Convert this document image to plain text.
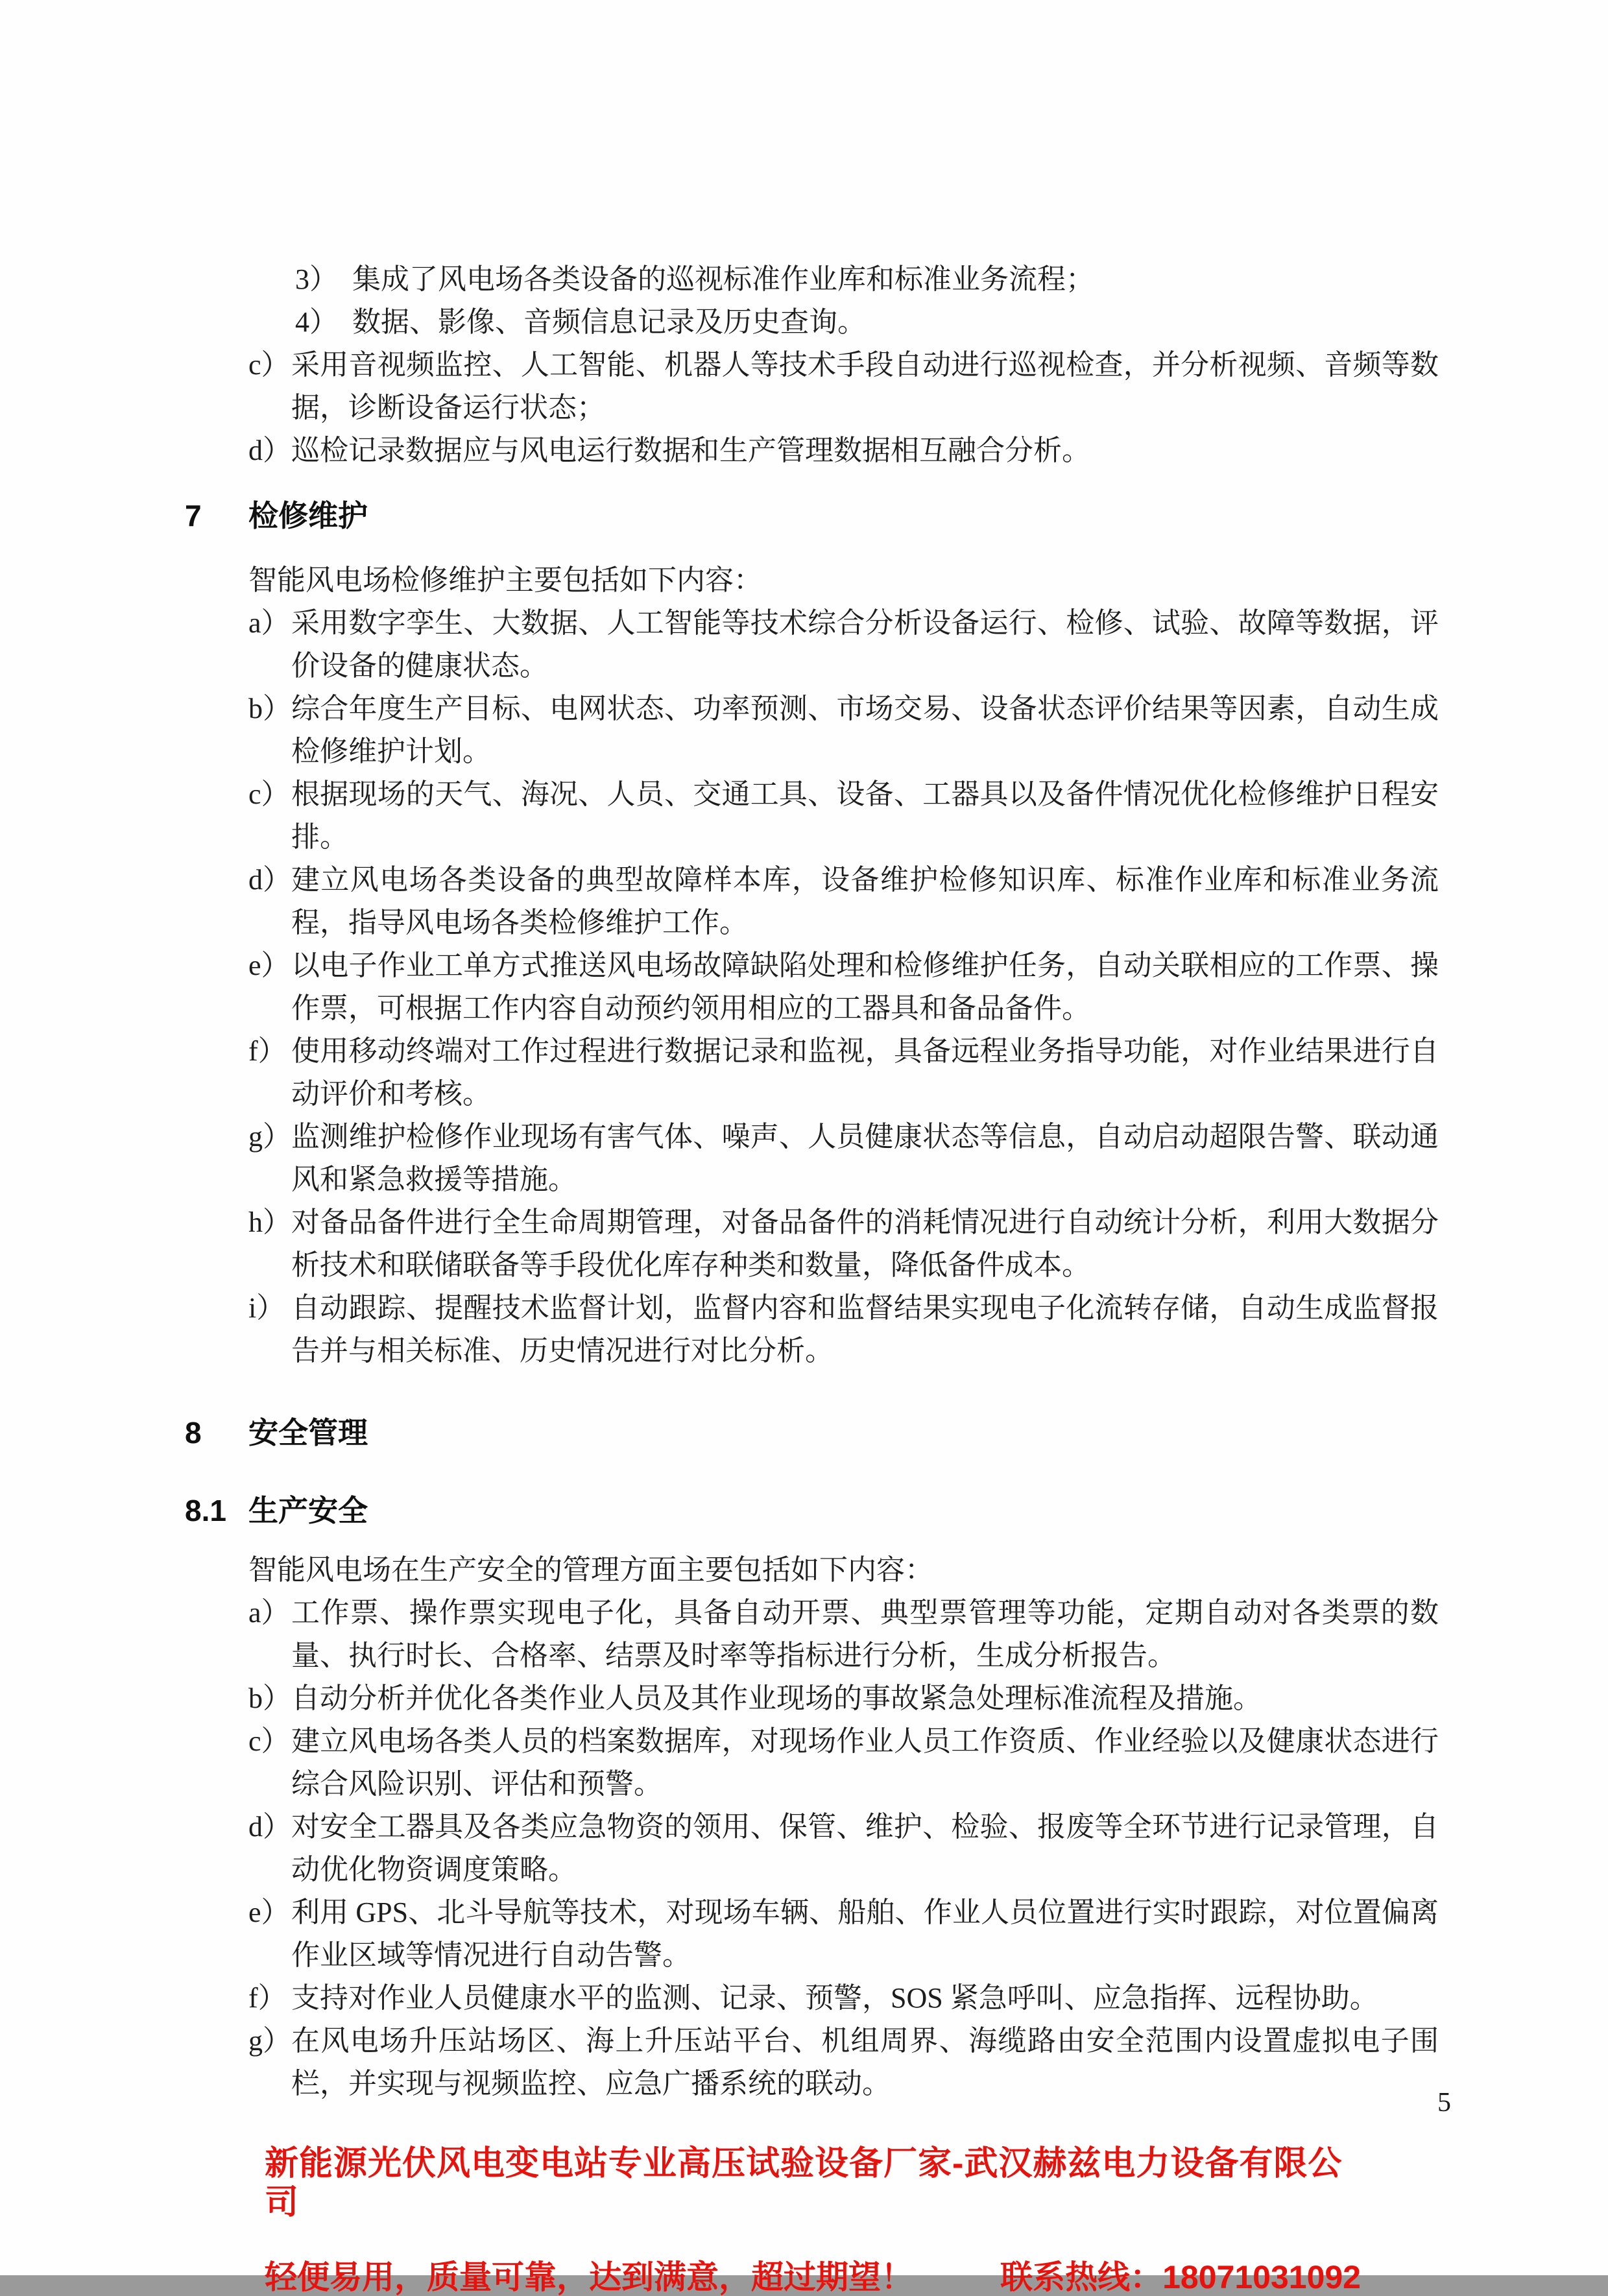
3） 集成了风电场各类设备的巡视标准作业库和标准业务流程；
4） 数据、影像、音频信息记录及历史查询。
c） 采用音视频监控、人工智能、机器人等技术手段自动进行巡视检查，并分析视频、音频等数据，诊断设备运行状态；
d） 巡检记录数据应与风电运行数据和生产管理数据相互融合分析。
7	检修维护
智能风电场检修维护主要包括如下内容：
a） 采用数字孪生、大数据、人工智能等技术综合分析设备运行、检修、试验、故障等数据，评价设备的健康状态。
b） 综合年度生产目标、电网状态、功率预测、市场交易、设备状态评价结果等因素，自动生成检修维护计划。
c） 根据现场的天气、海况、人员、交通工具、设备、工器具以及备件情况优化检修维护日程安排。
d） 建立风电场各类设备的典型故障样本库，设备维护检修知识库、标准作业库和标准业务流程，指导风电场各类检修维护工作。
e） 以电子作业工单方式推送风电场故障缺陷处理和检修维护任务，自动关联相应的工作票、操作票，可根据工作内容自动预约领用相应的工器具和备品备件。
f） 使用移动终端对工作过程进行数据记录和监视，具备远程业务指导功能，对作业结果进行自动评价和考核。
g） 监测维护检修作业现场有害气体、噪声、人员健康状态等信息，自动启动超限告警、联动通风和紧急救援等措施。
h） 对备品备件进行全生命周期管理，对备品备件的消耗情况进行自动统计分析，利用大数据分析技术和联储联备等手段优化库存种类和数量，降低备件成本。
i） 自动跟踪、提醒技术监督计划，监督内容和监督结果实现电子化流转存储，自动生成监督报告并与相关标准、历史情况进行对比分析。
8	安全管理
8.1 生产安全
智能风电场在生产安全的管理方面主要包括如下内容：
a） 工作票、操作票实现电子化，具备自动开票、典型票管理等功能，定期自动对各类票的数量、执行时长、合格率、结票及时率等指标进行分析，生成分析报告。
b） 自动分析并优化各类作业人员及其作业现场的事故紧急处理标准流程及措施。
c） 建立风电场各类人员的档案数据库，对现场作业人员工作资质、作业经验以及健康状态进行综合风险识别、评估和预警。
d） 对安全工器具及各类应急物资的领用、保管、维护、检验、报废等全环节进行记录管理，自动优化物资调度策略。
e） 利用 GPS、北斗导航等技术，对现场车辆、船舶、作业人员位置进行实时跟踪，对位置偏离作业区域等情况进行自动告警。
f） 支持对作业人员健康水平的监测、记录、预警，SOS 紧急呼叫、应急指挥、远程协助。
g） 在风电场升压站场区、海上升压站平台、机组周界、海缆路由安全范围内设置虚拟电子围栏，并实现与视频监控、应急广播系统的联动。
5
新能源光伏风电变电站专业高压试验设备厂家-武汉赫兹电力设备有限公司
轻便易用，质量可靠，达到满意，超过期望！	联系热线：18071031092
